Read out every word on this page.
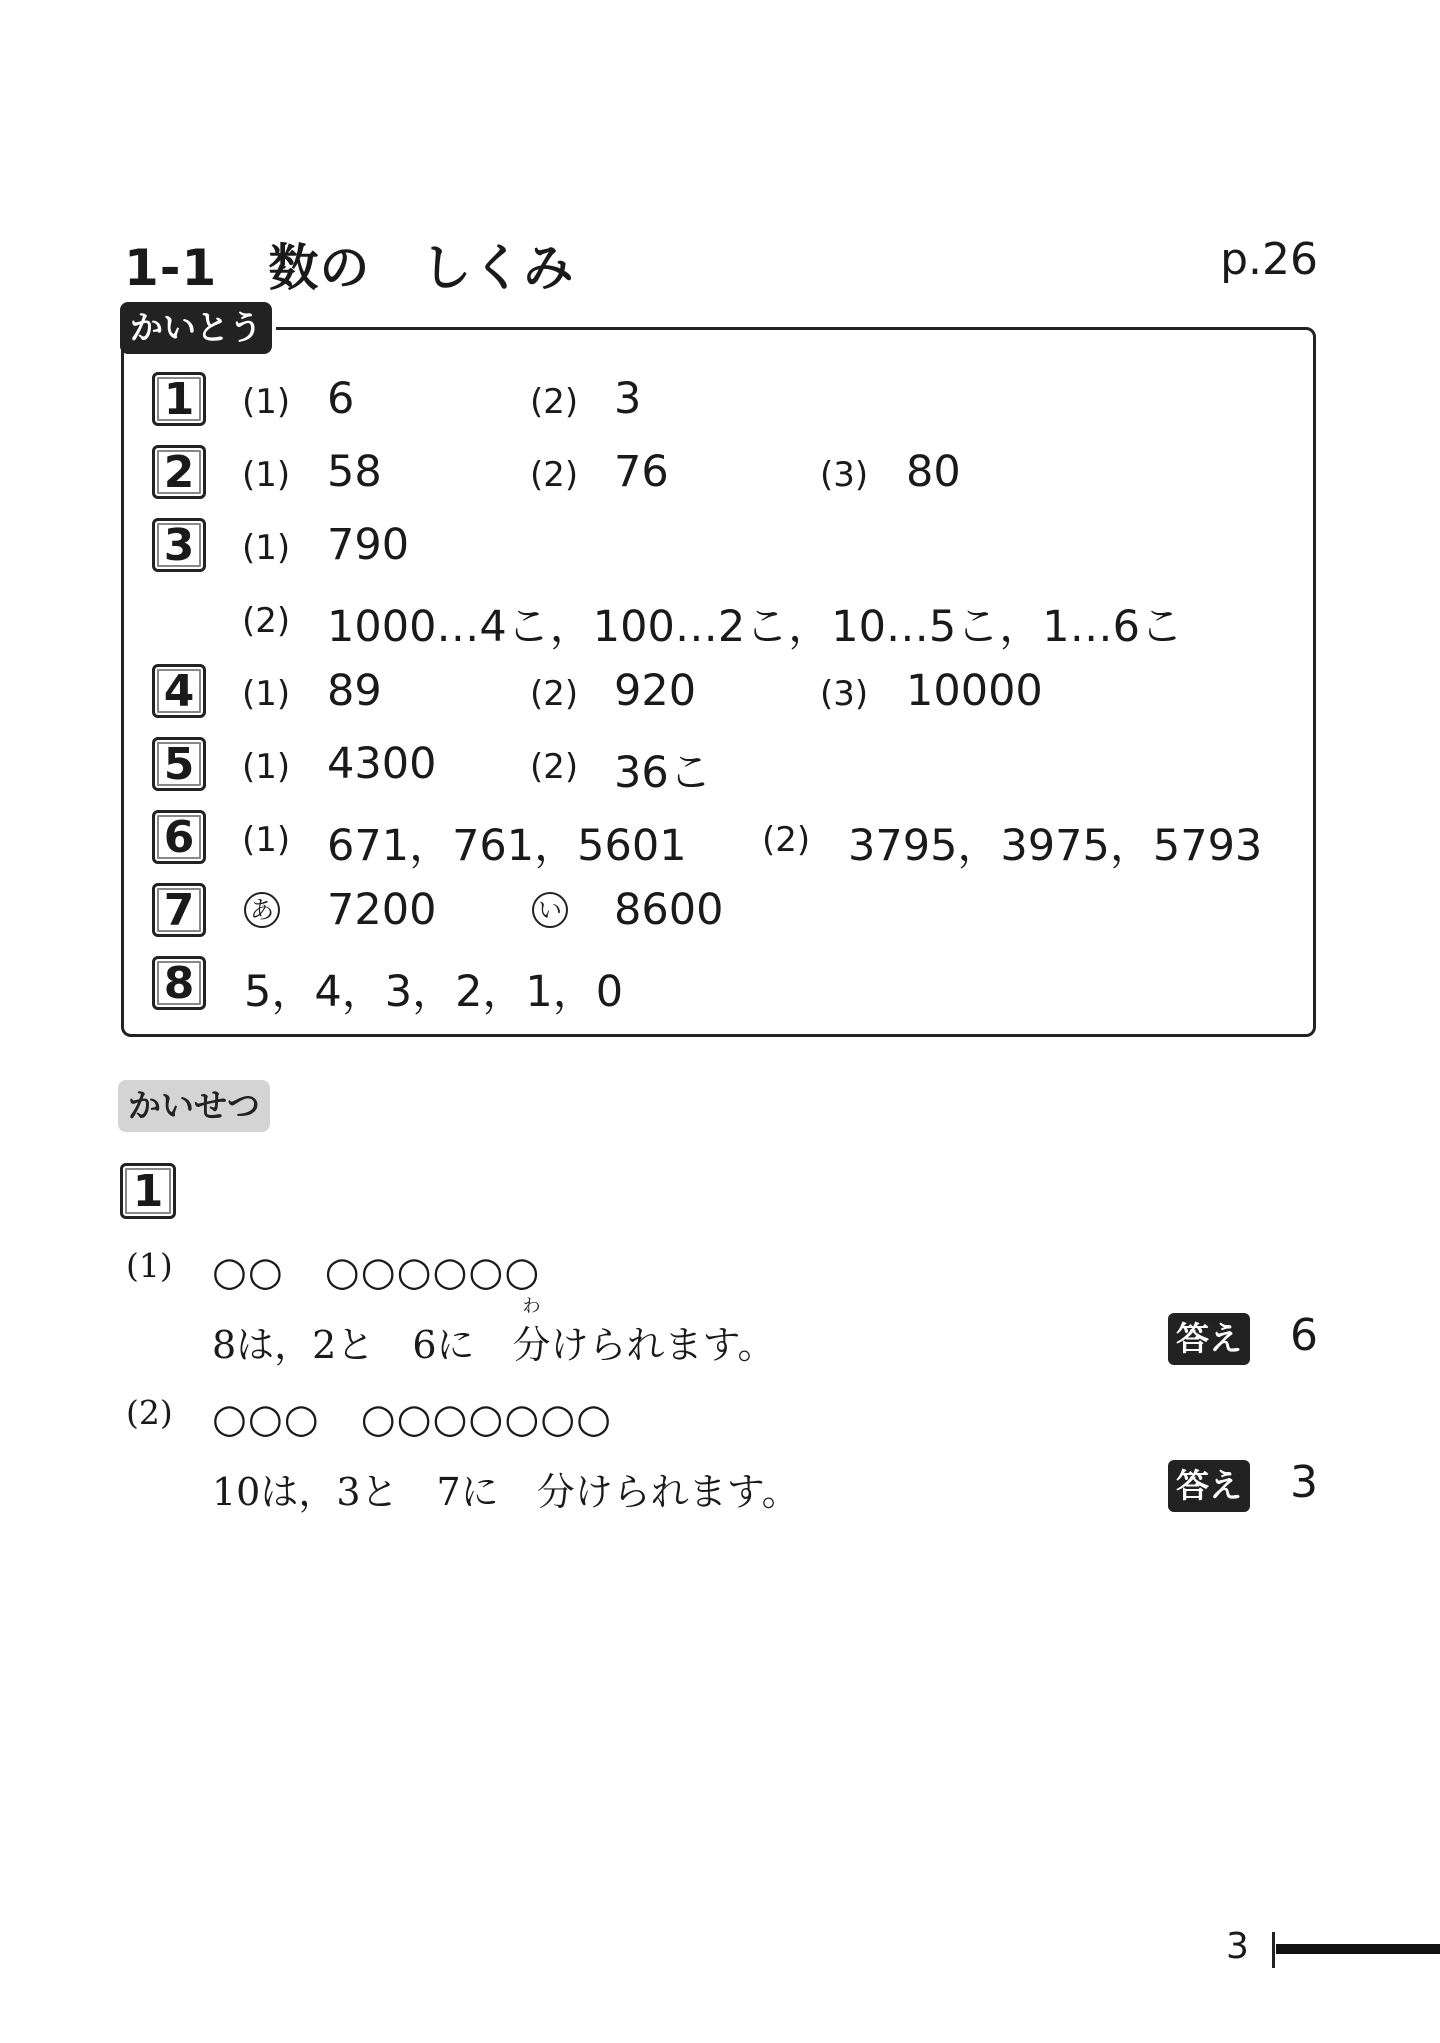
1-1　数の　しくみ	p.26
かいとう
1	(1) 6	(2) 3
2	(1) 58	(2) 76	(3) 80
3	(1) 790
(2) 1000…4こ，100…2こ，10…5こ，1…6こ
4	(1) 89	(2) 920	(3) 10000
5	(1) 4300	(2) 36こ
6	(1) 671，761，5601 (2) 3795，3975，5793
7	あ 7200	い 8600
8 5，4，3，2，1，0
かいせつ
1
(1) ○○　○○○○○○
8は，2と　6に　
わ
分けられます。	答え 6
(2) ○○○　○○○○○○○
10は，3と　7に　分けられます。	答え 3
3
